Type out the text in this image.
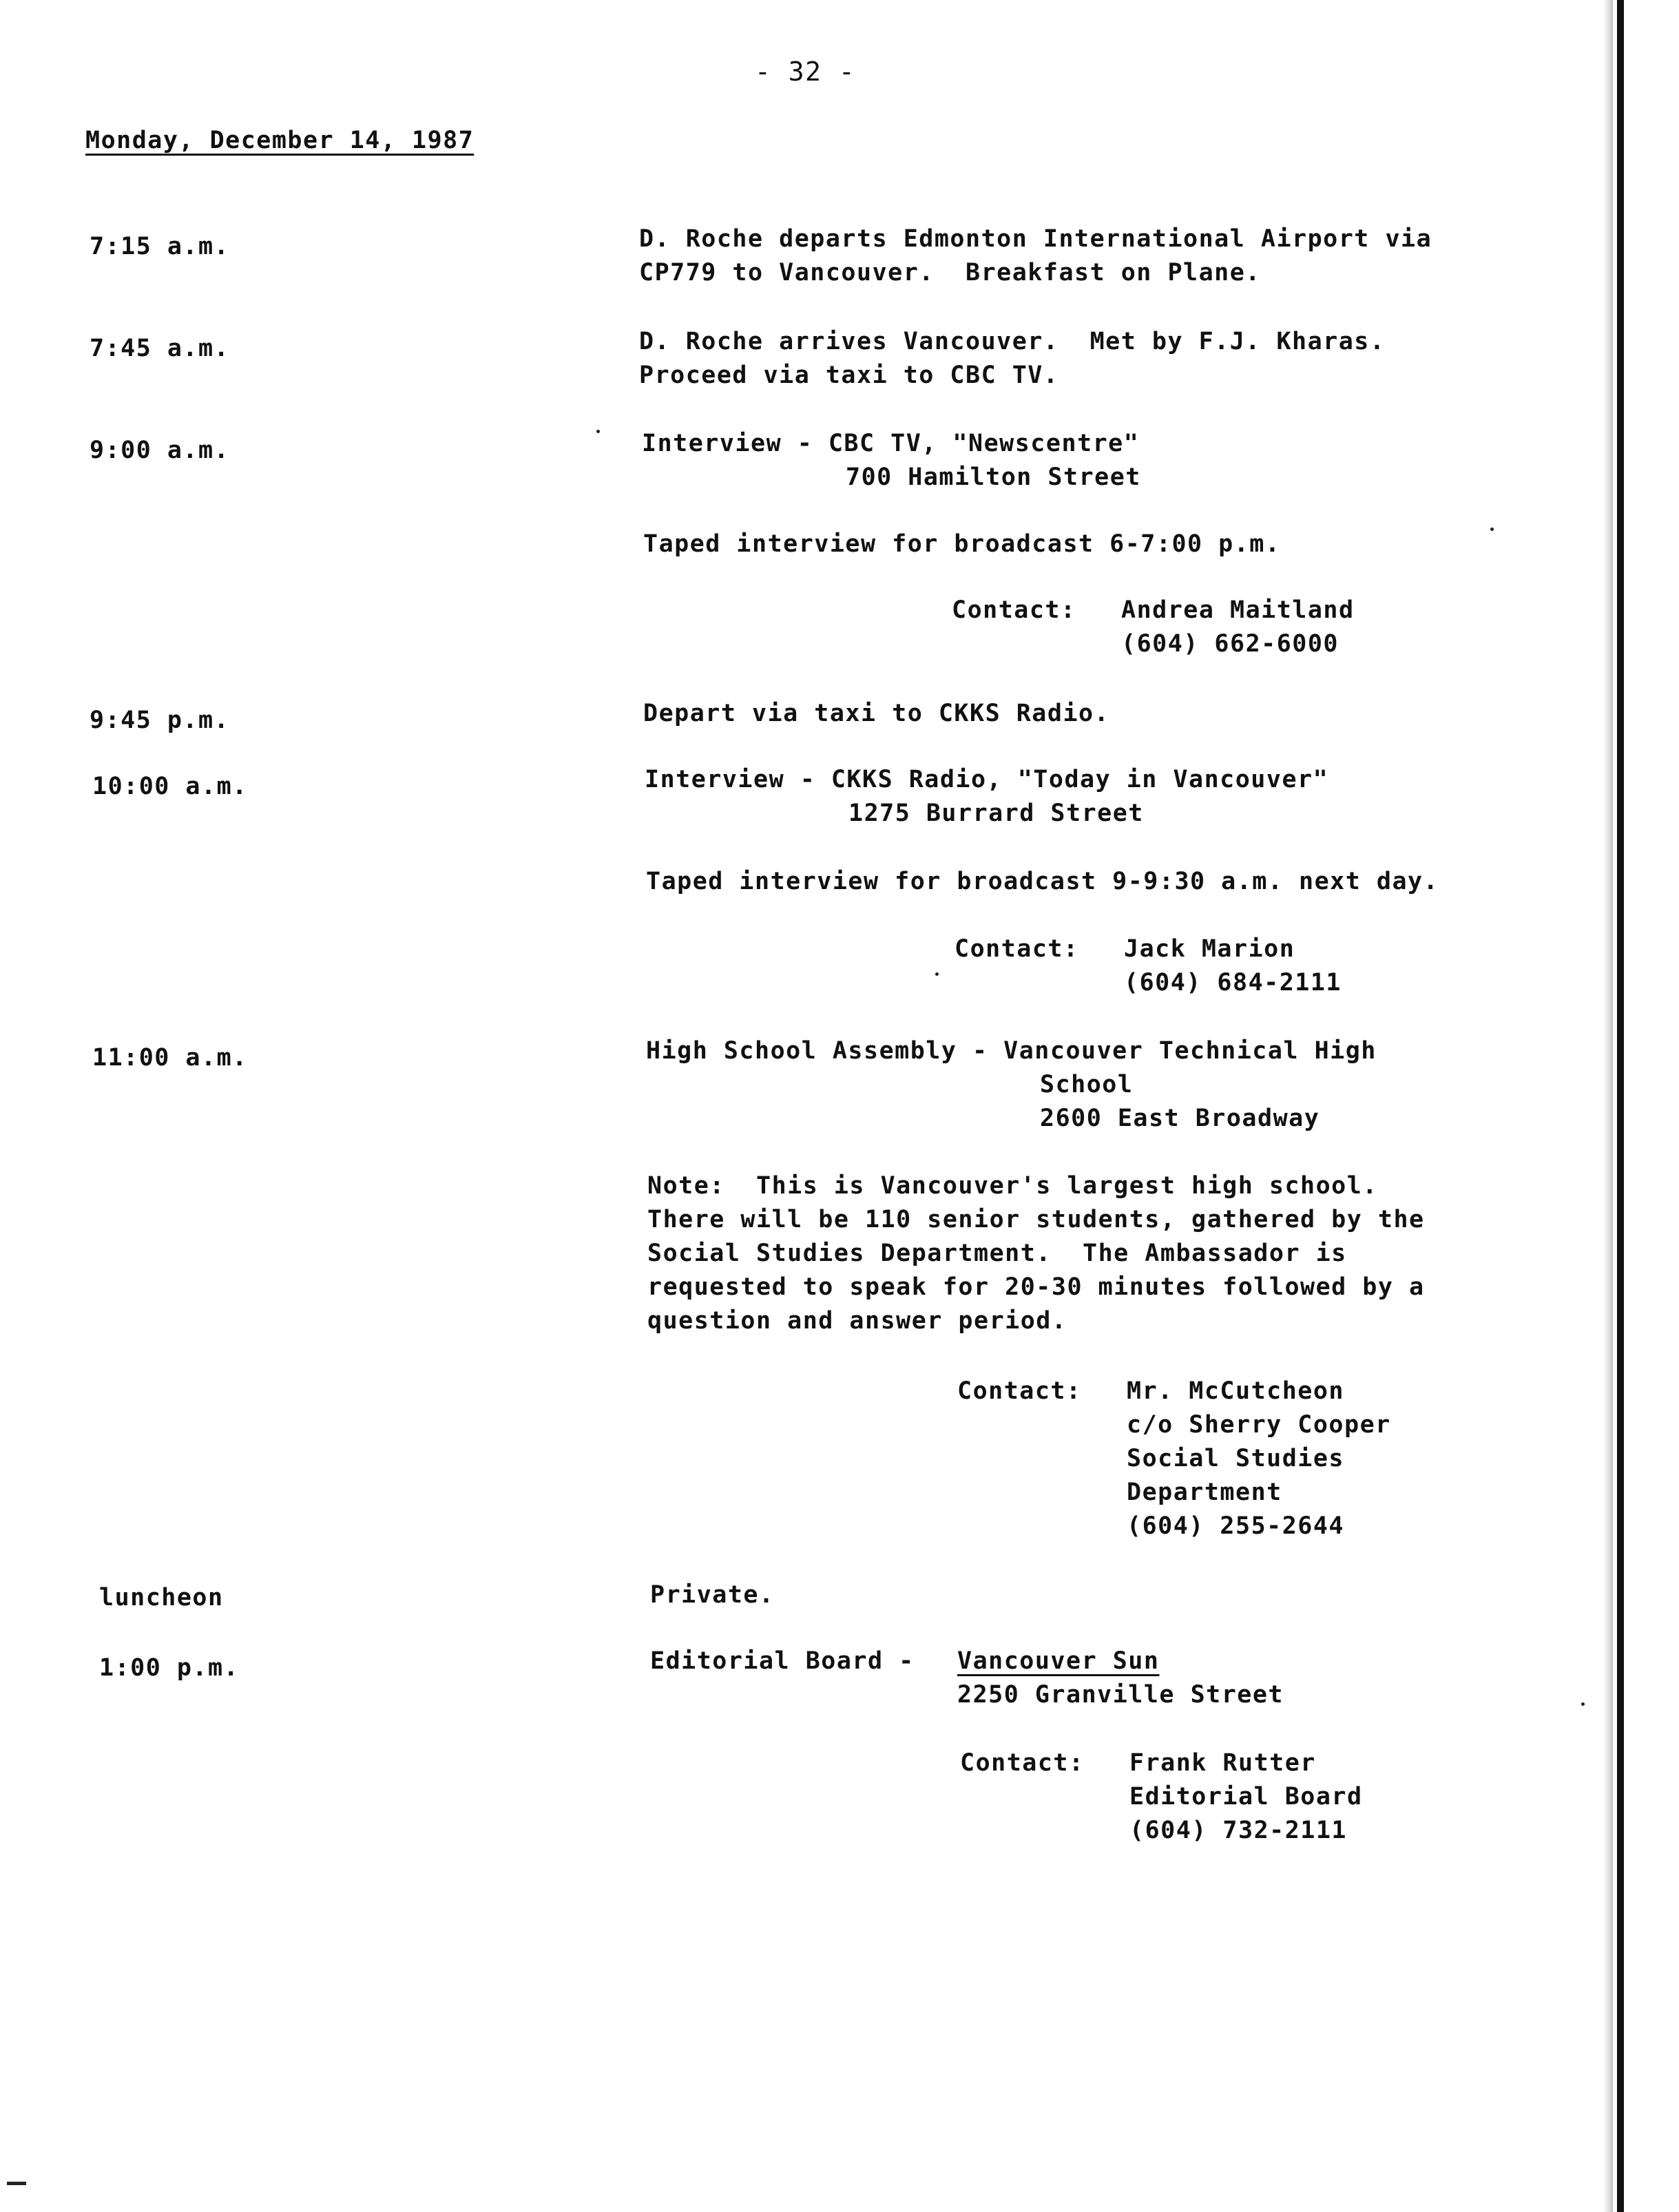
- 32 -
Monday, December 14, 1987
7:15 a.m.	D. Roche departs Edmonton International Airport via
CP779 to Vancouver.  Breakfast on Plane.
7:45 a.m.	D. Roche arrives Vancouver.  Met by F.J. Kharas.
Proceed via taxi to CBC TV.
9:00 a.m.	Interview - CBC TV, "Newscentre"
700 Hamilton Street
Taped interview for broadcast 6-7:00 p.m.
Contact: Andrea Maitland
(604) 662-6000
9:45 p.m.	Depart via taxi to CKKS Radio.
10:00 a.m.	Interview - CKKS Radio, "Today in Vancouver"
1275 Burrard Street
Taped interview for broadcast 9-9:30 a.m. next day.
Contact: Jack Marion
(604) 684-2111
11:00 a.m.	High School Assembly - Vancouver Technical High
School
2600 East Broadway
Note:  This is Vancouver's largest high school.
There will be 110 senior students, gathered by the
Social Studies Department.  The Ambassador is
requested to speak for 20-30 minutes followed by a
question and answer period.
Contact: Mr. McCutcheon
c/o Sherry Cooper
Social Studies
Department
(604) 255-2644
luncheon	Private.
1:00 p.m.	Editorial Board - Vancouver Sun
2250 Granville Street
Contact: Frank Rutter
Editorial Board
(604) 732-2111
